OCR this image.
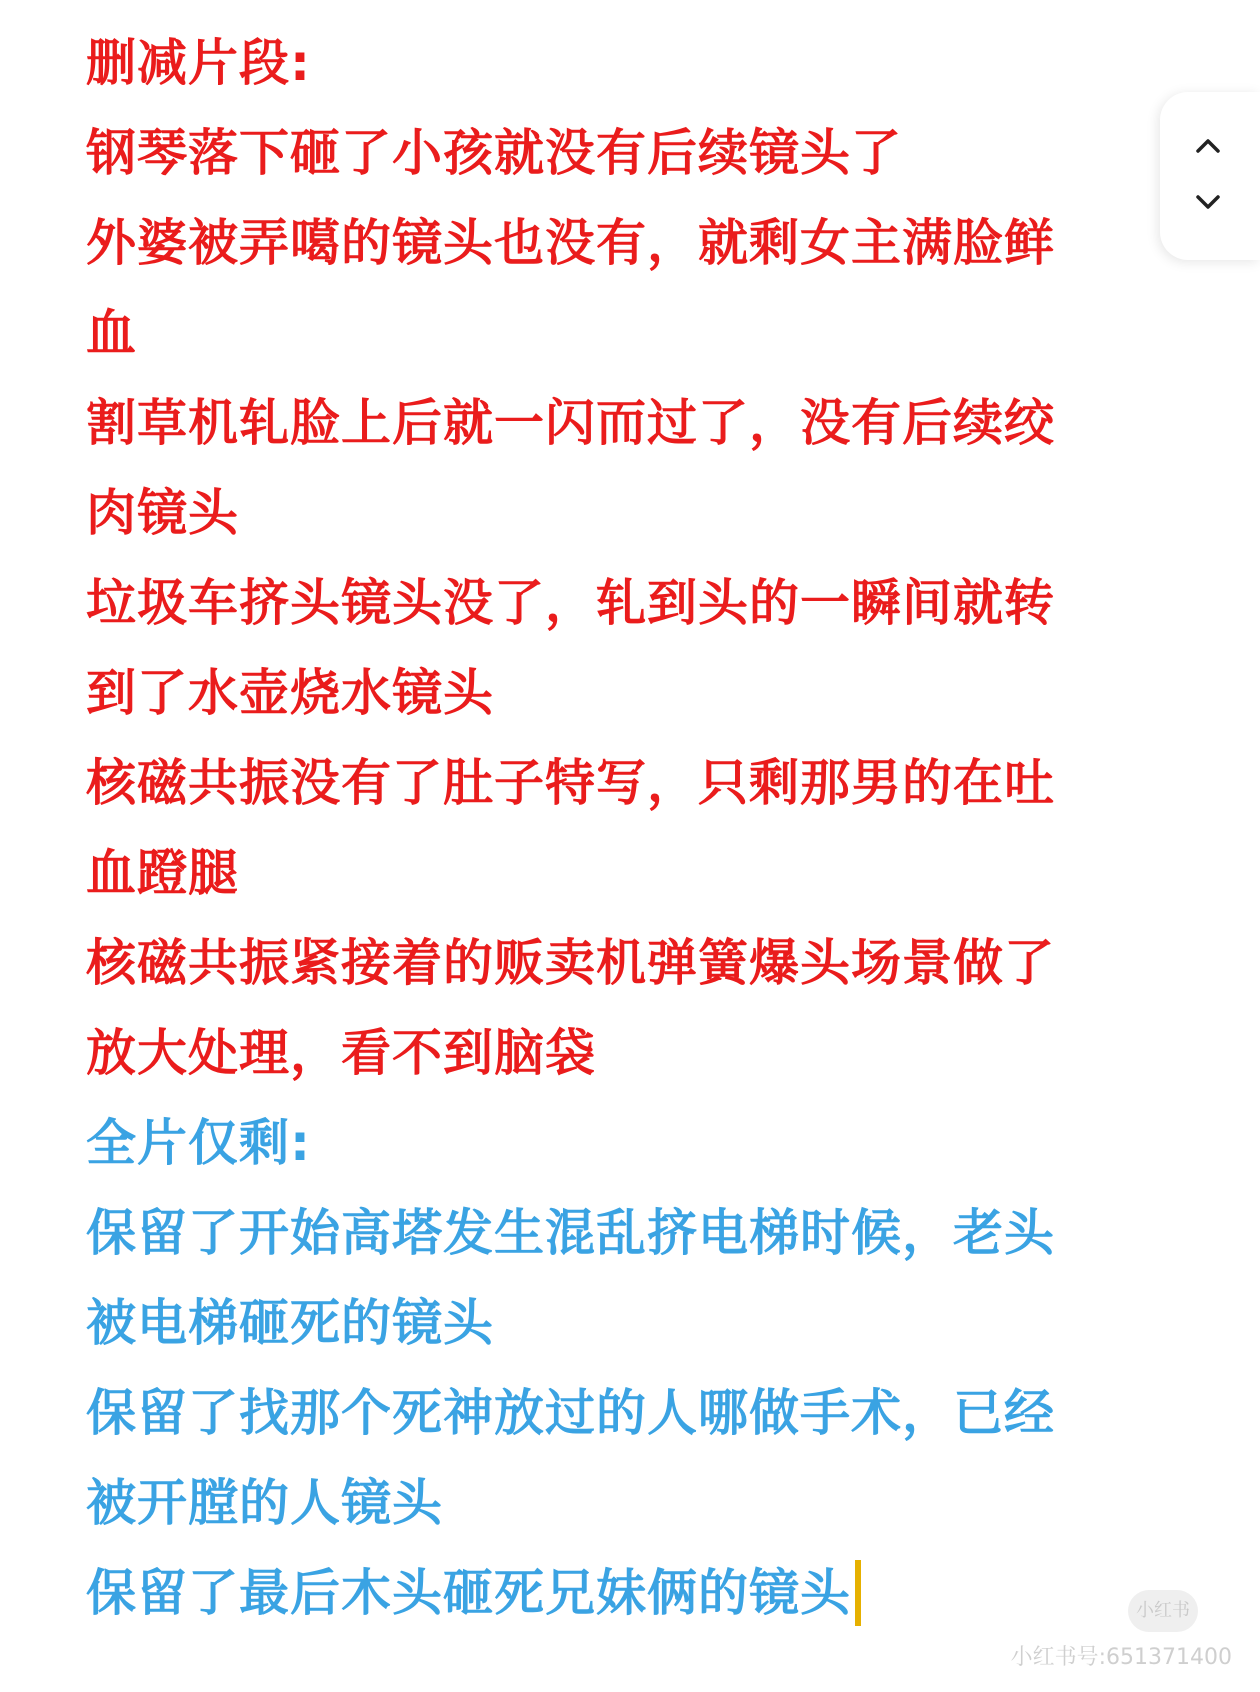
删减片段:
钢琴落下砸了小孩就没有后续镜头了
外婆被弄噶的镜头也没有，就剩女主满脸鲜
血
割草机轧脸上后就一闪而过了，没有后续绞
肉镜头
垃圾车挤头镜头没了，轧到头的一瞬间就转
到了水壶烧水镜头
核磁共振没有了肚子特写，只剩那男的在吐
血蹬腿
核磁共振紧接着的贩卖机弹簧爆头场景做了
放大处理，看不到脑袋
全片仅剩:
保留了开始高塔发生混乱挤电梯时候，老头
被电梯砸死的镜头
保留了找那个死神放过的人哪做手术，已经
被开膛的人镜头
保留了最后木头砸死兄妹俩的镜头	小红书
小红书号:651371400
